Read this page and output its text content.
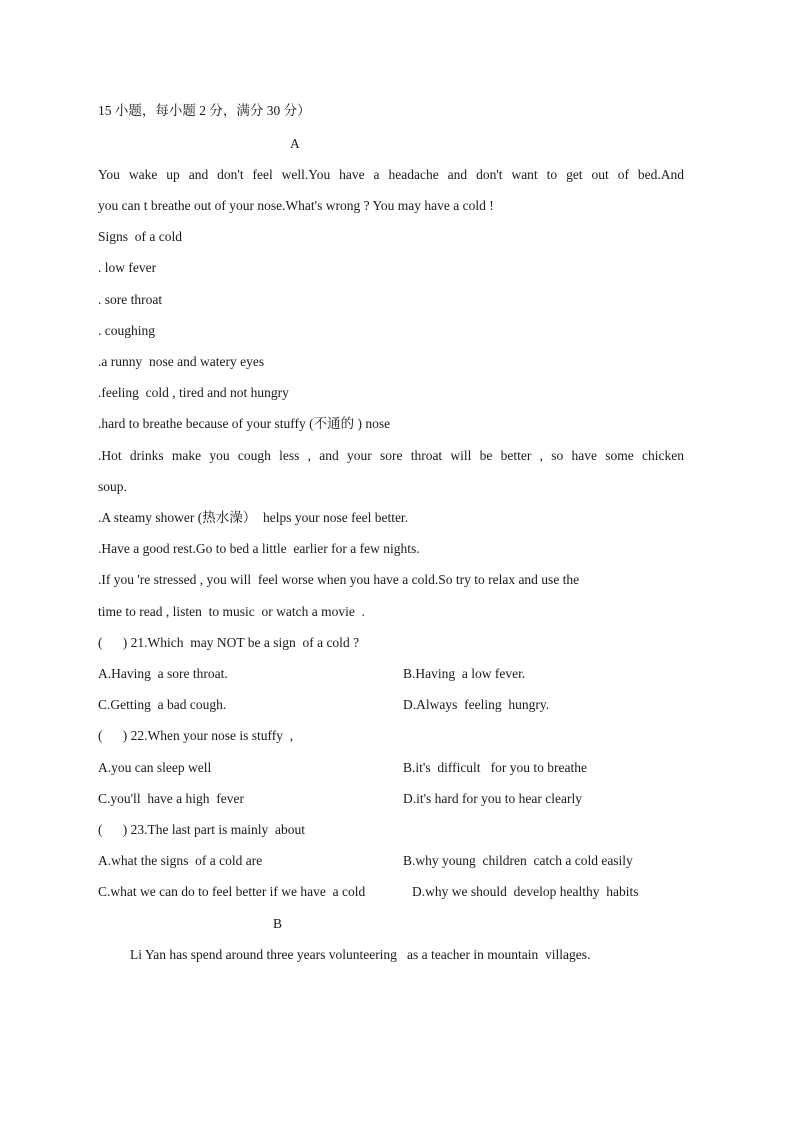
15 小题，每小题 2 分，满分 30 分）
A
You wake up and don't feel well.You have a headache and don't want to get out of bed.And
you can t breathe out of your nose.What's wrong ? You may have a cold !
Signs  of a cold
. low fever
. sore throat
. coughing
.a runny  nose and watery eyes
.feeling  cold , tired and not hungry
.hard to breathe because of your stuffy (不通的 ) nose
.Hot drinks make you cough less , and your sore throat will be better , so have some chicken
soup.
.A steamy shower (热水澡）  helps your nose feel better.
.Have a good rest.Go to bed a little  earlier for a few nights.
.If you 're stressed , you will  feel worse when you have a cold.So try to relax and use the
time to read , listen  to music  or watch a movie  .
(      ) 21.Which  may NOT be a sign  of a cold ?
A.Having  a sore throat.	B.Having  a low fever.
C.Getting  a bad cough.	D.Always  feeling  hungry.
(      ) 22.When your nose is stuffy  ,
A.you can sleep well	B.it's  difficult   for you to breathe
C.you'll  have a high  fever	D.it's hard for you to hear clearly
(      ) 23.The last part is mainly  about
A.what the signs  of a cold are	B.why young  children  catch a cold easily
C.what we can do to feel better if we have  a cold	D.why we should  develop healthy  habits
B
Li Yan has spend around three years volunteering   as a teacher in mountain  villages.
